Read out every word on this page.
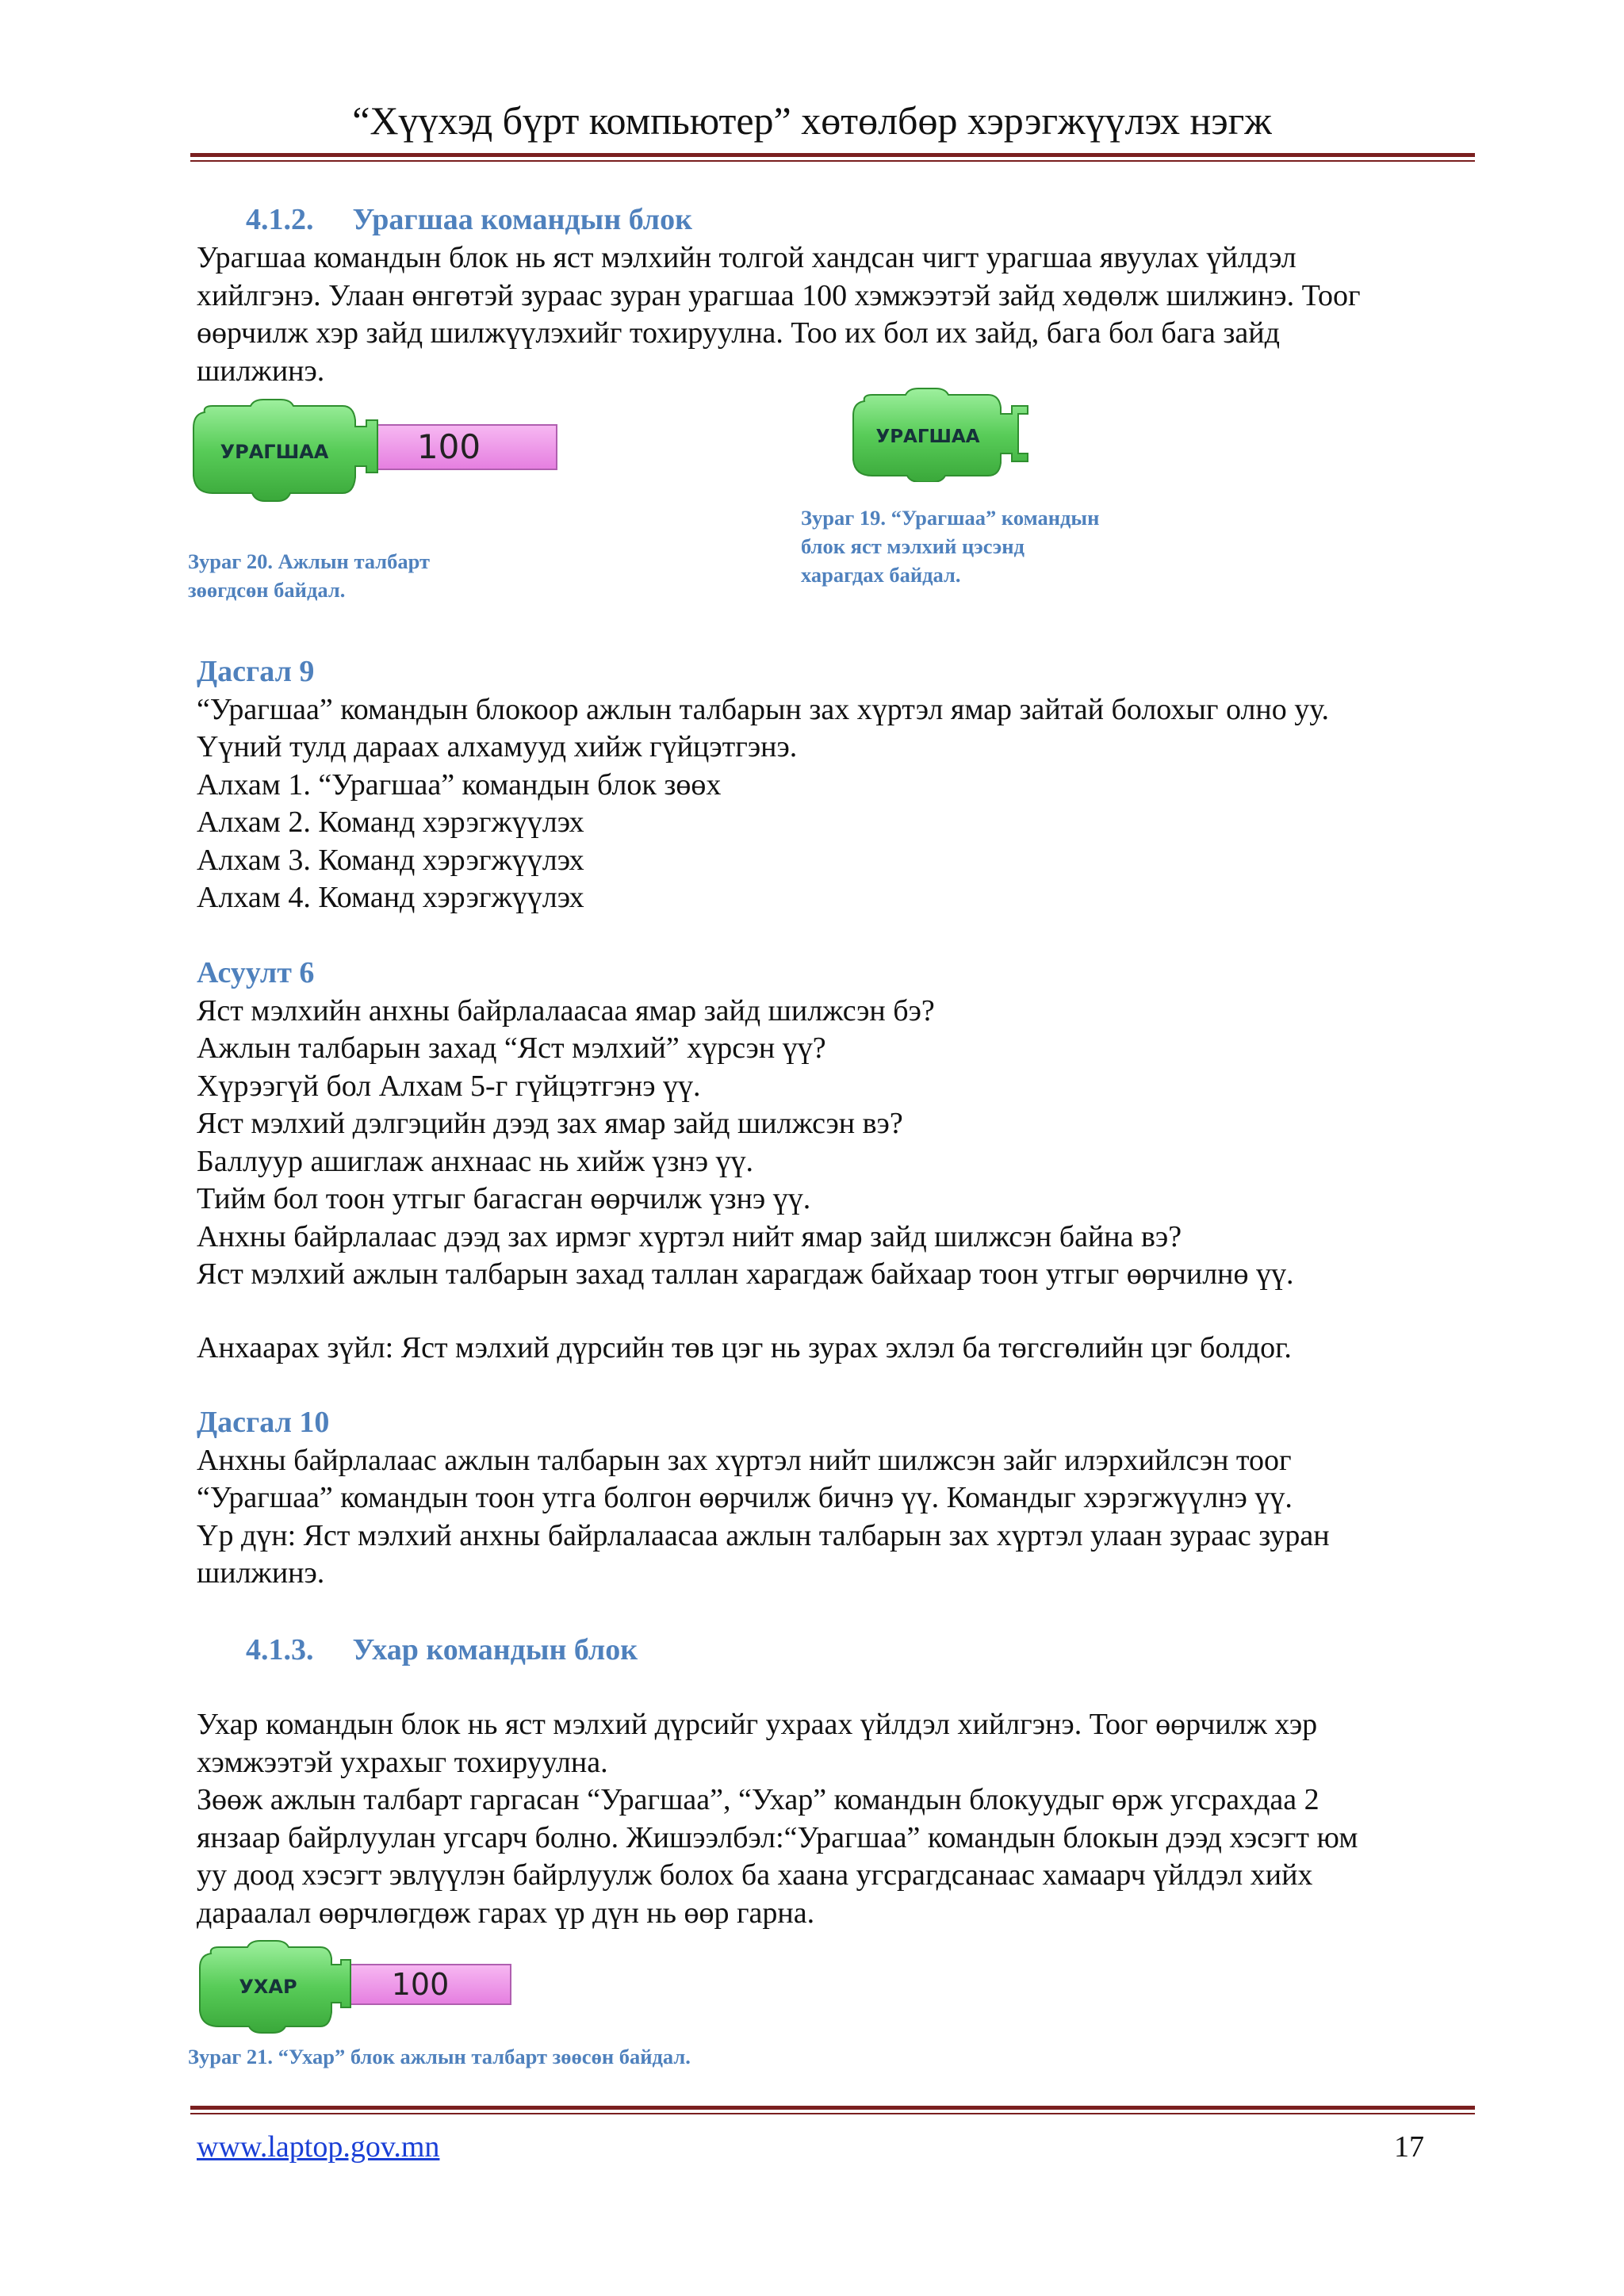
“Хүүхэд бүрт компьютер” хөтөлбөр хэрэгжүүлэх нэгж
4.1.2. Урагшаа командын блок

Урагшаа командын блок нь яст мэлхийн толгой хандсан чигт урагшаа явуулах үйлдэл

хийлгэнэ. Улаан өнгөтэй зураас зуран урагшаа 100 хэмжээтэй зайд хөдөлж шилжинэ. Тоог

өөрчилж хэр зайд шилжүүлэхийг тохируулна. Тоо их бол их зайд, бага бол бага зайд

шилжинэ.

УРАГШАА	100	УРАГШАА
Зураг 20. Ажлын талбарт
зөөгдсөн байдал.
Зураг 19. “Урагшаа” командын
блок яст мэлхий цэсэнд
харагдах байдал.

Дасгал 9

“Урагшаа” командын блокоор ажлын талбарын зах хүртэл ямар зайтай болохыг олно уу.

Үүний тулд дараах алхамууд хийж гүйцэтгэнэ.

Алхам 1. “Урагшаа” командын блок зөөх

Алхам 2. Команд хэрэгжүүлэх

Алхам 3. Команд хэрэгжүүлэх

Алхам 4. Команд хэрэгжүүлэх

Асуулт 6

Яст мэлхийн анхны байрлалаасаа ямар зайд шилжсэн бэ?

Ажлын талбарын захад “Яст мэлхий” хүрсэн үү?

Хүрээгүй бол Алхам 5-г гүйцэтгэнэ үү.

Яст мэлхий дэлгэцийн дээд зах ямар зайд шилжсэн вэ?

Баллуур ашиглаж анхнаас нь хийж үзнэ үү.

Тийм бол тоон утгыг багасган өөрчилж үзнэ үү.

Анхны байрлалаас дээд зах ирмэг хүртэл нийт ямар зайд шилжсэн байна вэ?

Яст мэлхий ажлын талбарын захад таллан харагдаж байхаар тоон утгыг өөрчилнө үү.

Анхаарах зүйл: Яст мэлхий дүрсийн төв цэг нь зурах эхлэл ба төгсгөлийн цэг болдог.

Дасгал 10

Анхны байрлалаас ажлын талбарын зах хүртэл нийт шилжсэн зайг илэрхийлсэн тоог

“Урагшаа” командын тоон утга болгон өөрчилж бичнэ үү. Командыг хэрэгжүүлнэ үү.

Үр дүн: Яст мэлхий анхны байрлалаасаа ажлын талбарын зах хүртэл улаан зураас зуран

шилжинэ.

4.1.3. Ухар командын блок

Ухар командын блок нь яст мэлхий дүрсийг ухраах үйлдэл хийлгэнэ. Тоог өөрчилж хэр

хэмжээтэй ухрахыг тохируулна.

Зөөж ажлын талбарт гаргасан “Урагшаа”, “Ухар” командын блокуудыг өрж угсрахдаа 2

янзаар байрлуулан угсарч болно. Жишээлбэл:“Урагшаа” командын блокын дээд хэсэгт юм

уу доод хэсэгт эвлүүлэн байрлуулж болох ба хаана угсрагдсанаас хамаарч үйлдэл хийх

дараалал өөрчлөгдөж гарах үр дүн нь өөр гарна.

УХАР	100
Зураг 21. “Ухар” блок ажлын талбарт зөөсөн байдал.
www.laptop.gov.mn	17
